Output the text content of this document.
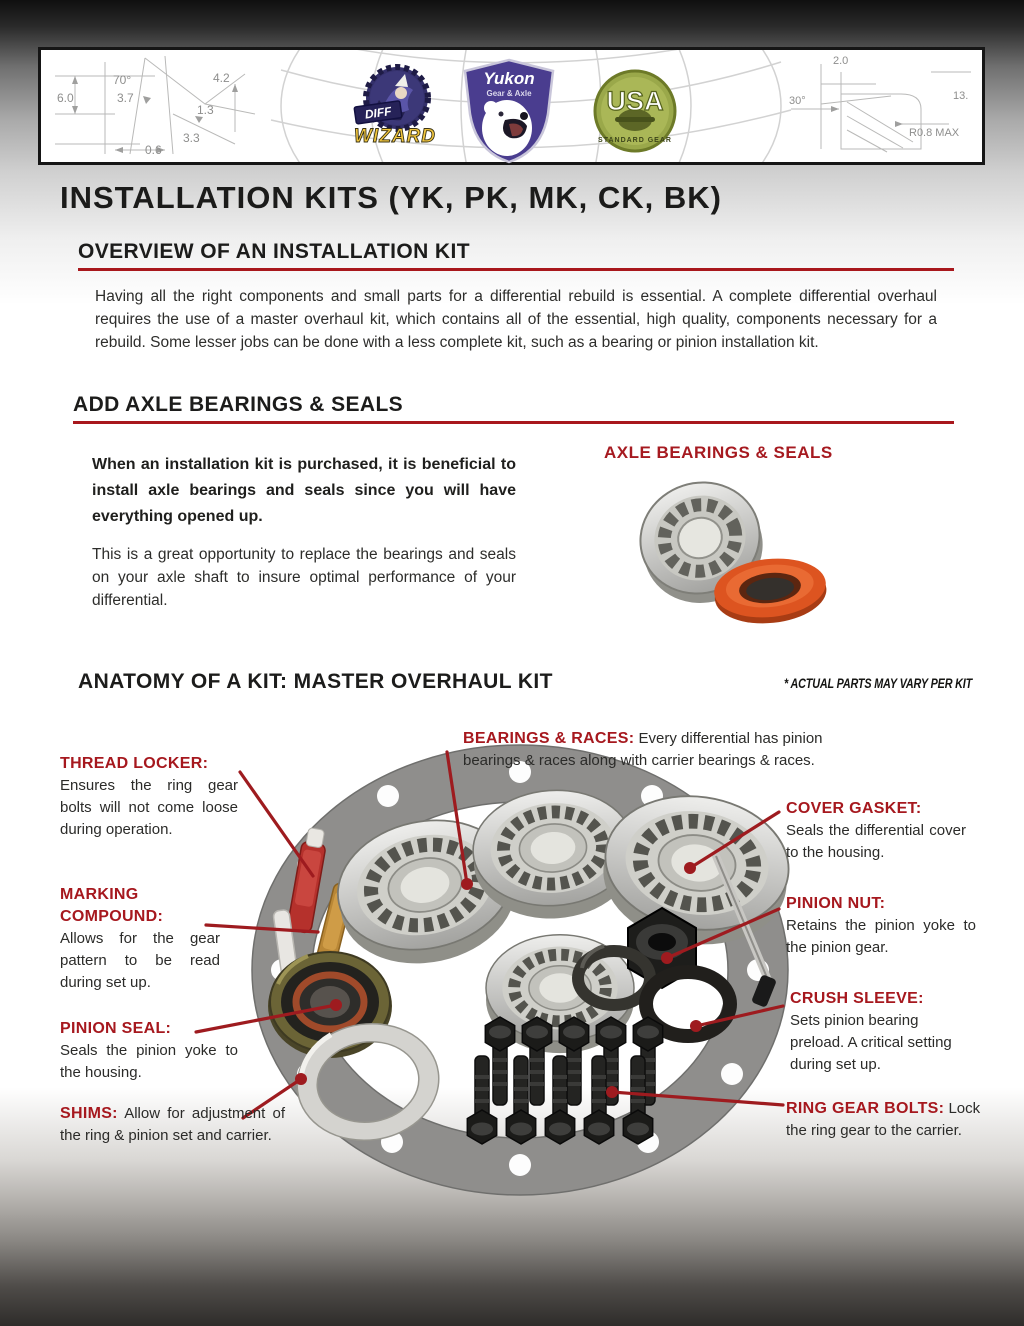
6.0
70°
3.7
4.2
1.3
3.3
0.6
2.0
30°	13.
R0.8 MAX
DIFF
WIZARD
Yukon
Gear & Axle	USA
STANDARD GEAR
INSTALLATION KITS (YK, PK, MK, CK, BK)
OVERVIEW OF AN INSTALLATION KIT
Having all the right components and small parts for a differential rebuild is essential. A complete differential overhaul requires the use of a master overhaul kit, which contains all of the essential, high quality, components necessary for a rebuild. Some lesser jobs can be done with a less complete kit, such as a bearing or pinion installation kit.
ADD AXLE BEARINGS & SEALS
When an installation kit is purchased, it is beneficial to install axle bearings and seals since you will have everything opened up.
This is a great opportunity to replace the bearings and seals on your axle shaft to insure optimal performance of your differential.
AXLE BEARINGS & SEALS
ANATOMY OF A KIT: MASTER OVERHAUL KIT	* ACTUAL PARTS MAY VARY PER KIT
THREAD LOCKER:
Ensures the ring gear bolts will not come loose during operation.
MARKING COMPOUND:
Allows for the gear pattern to be read during set up.
PINION SEAL:
Seals the pinion yoke to the housing.
SHIMS: Allow for adjustment of the ring & pinion set and carrier.
BEARINGS & RACES: Every differential has pinion bearings & races along with carrier bearings & races.
COVER GASKET:
Seals the differential cover to the housing.
PINION NUT:
Retains the pinion yoke to the pinion gear.
CRUSH SLEEVE:
Sets pinion bearing preload. A critical setting during set up.
RING GEAR BOLTS: Lock the ring gear to the carrier.
